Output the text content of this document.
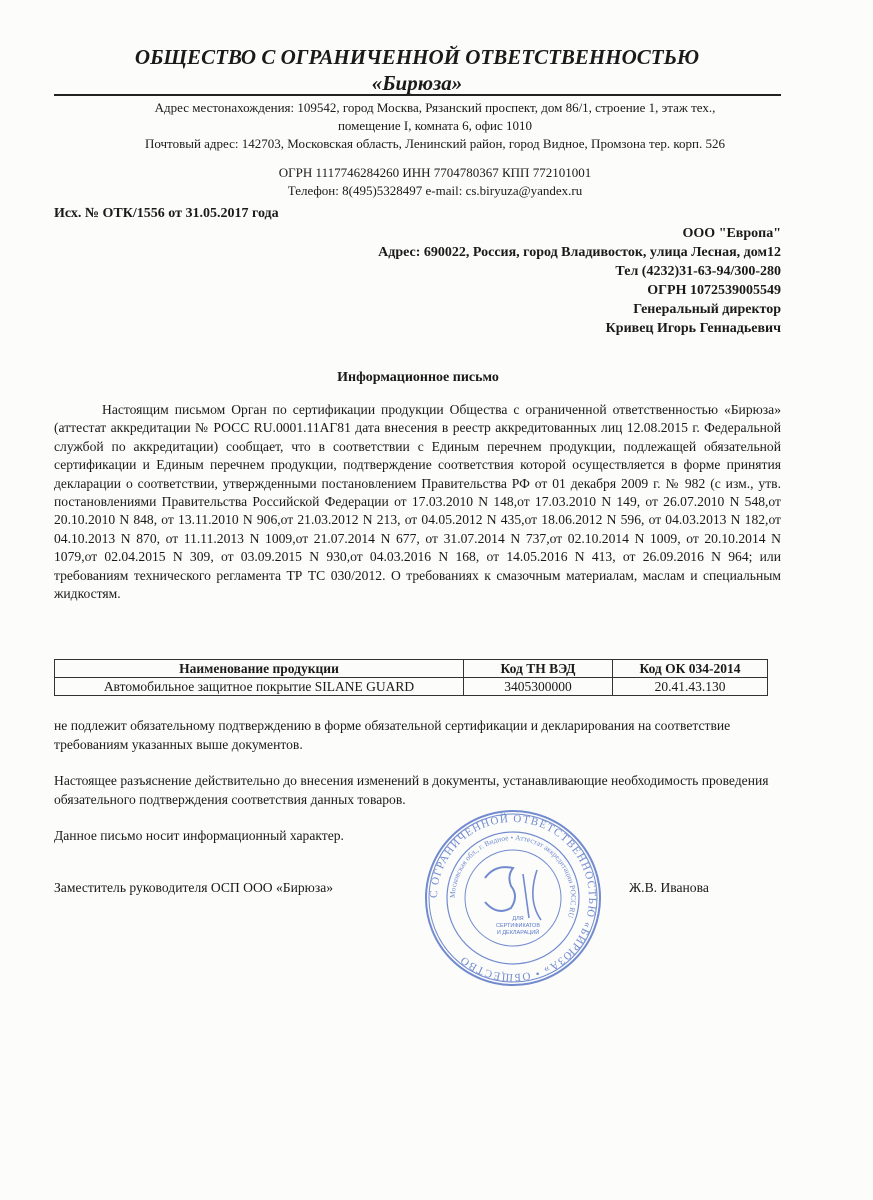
ОБЩЕСТВО С ОГРАНИЧЕННОЙ ОТВЕТСТВЕННОСТЬЮ
«Бирюза»
Адрес местонахождения: 109542, город Москва, Рязанский проспект, дом 86/1, строение 1, этаж тех.,
помещение I, комната 6, офис 1010
Почтовый адрес: 142703, Московская область, Ленинский район, город Видное, Промзона тер. корп. 526
ОГРН 1117746284260 ИНН 7704780367 КПП 772101001
Телефон: 8(495)5328497 e-mail: cs.biryuza@yandex.ru
Исх. № ОТК/1556 от 31.05.2017 года
ООО "Европа"
Адрес: 690022, Россия, город Владивосток, улица Лесная, дом12
Тел (4232)31-63-94/300-280
ОГРН 1072539005549
Генеральный директор
Кривец Игорь Геннадьевич
Информационное письмо
Настоящим письмом Орган по сертификации продукции Общества с ограниченной ответственностью «Бирюза» (аттестат аккредитации № РОСС RU.0001.11АГ81 дата внесения в реестр аккредитованных лиц 12.08.2015 г. Федеральной службой по аккредитации) сообщает, что в соответствии с Единым перечнем продукции, подлежащей обязательной сертификации и Единым перечнем продукции, подтверждение соответствия которой осуществляется в форме принятия декларации о соответствии, утвержденными постановлением Правительства РФ от 01 декабря 2009 г. № 982 (с изм., утв. постановлениями Правительства Российской Федерации от 17.03.2010 N 148,от 17.03.2010 N 149, от 26.07.2010 N 548,от 20.10.2010 N 848, от 13.11.2010 N 906,от 21.03.2012 N 213, от 04.05.2012 N 435,от 18.06.2012 N 596, от 04.03.2013 N 182,от 04.10.2013 N 870, от 11.11.2013 N 1009,от 21.07.2014 N 677, от 31.07.2014 N 737,от 02.10.2014 N 1009, от 20.10.2014 N 1079,от 02.04.2015 N 309, от 03.09.2015 N 930,от 04.03.2016 N 168, от 14.05.2016 N 413, от 26.09.2016 N 964; или требованиям технического регламента ТР ТС 030/2012. О требованиях к смазочным материалам, маслам и специальным жидкостям.
Наименование продукции	Код ТН ВЭД	Код ОК 034-2014
Автомобильное защитное покрытие SILANE GUARD	3405300000	20.41.43.130
не подлежит обязательному подтверждению в форме обязательной сертификации и декларирования на соответствие требованиям указанных выше документов.
Настоящее разъяснение действительно до внесения изменений в документы, устанавливающие необходимость проведения обязательного подтверждения соответствия данных товаров.
Данное письмо носит информационный характер.
Заместитель руководителя ОСП ООО «Бирюза»	С ОГРАНИЧЕННОЙ ОТВЕТСТВЕННОСТЬЮ «БИРЮЗА» • ОБЩЕСТВО
Московская обл., г. Видное • Аттестат аккредитации РОСС RU
ДЛЯ
СЕРТИФИКАТОВ
И ДЕКЛАРАЦИЙ
Ж.В. Иванова
